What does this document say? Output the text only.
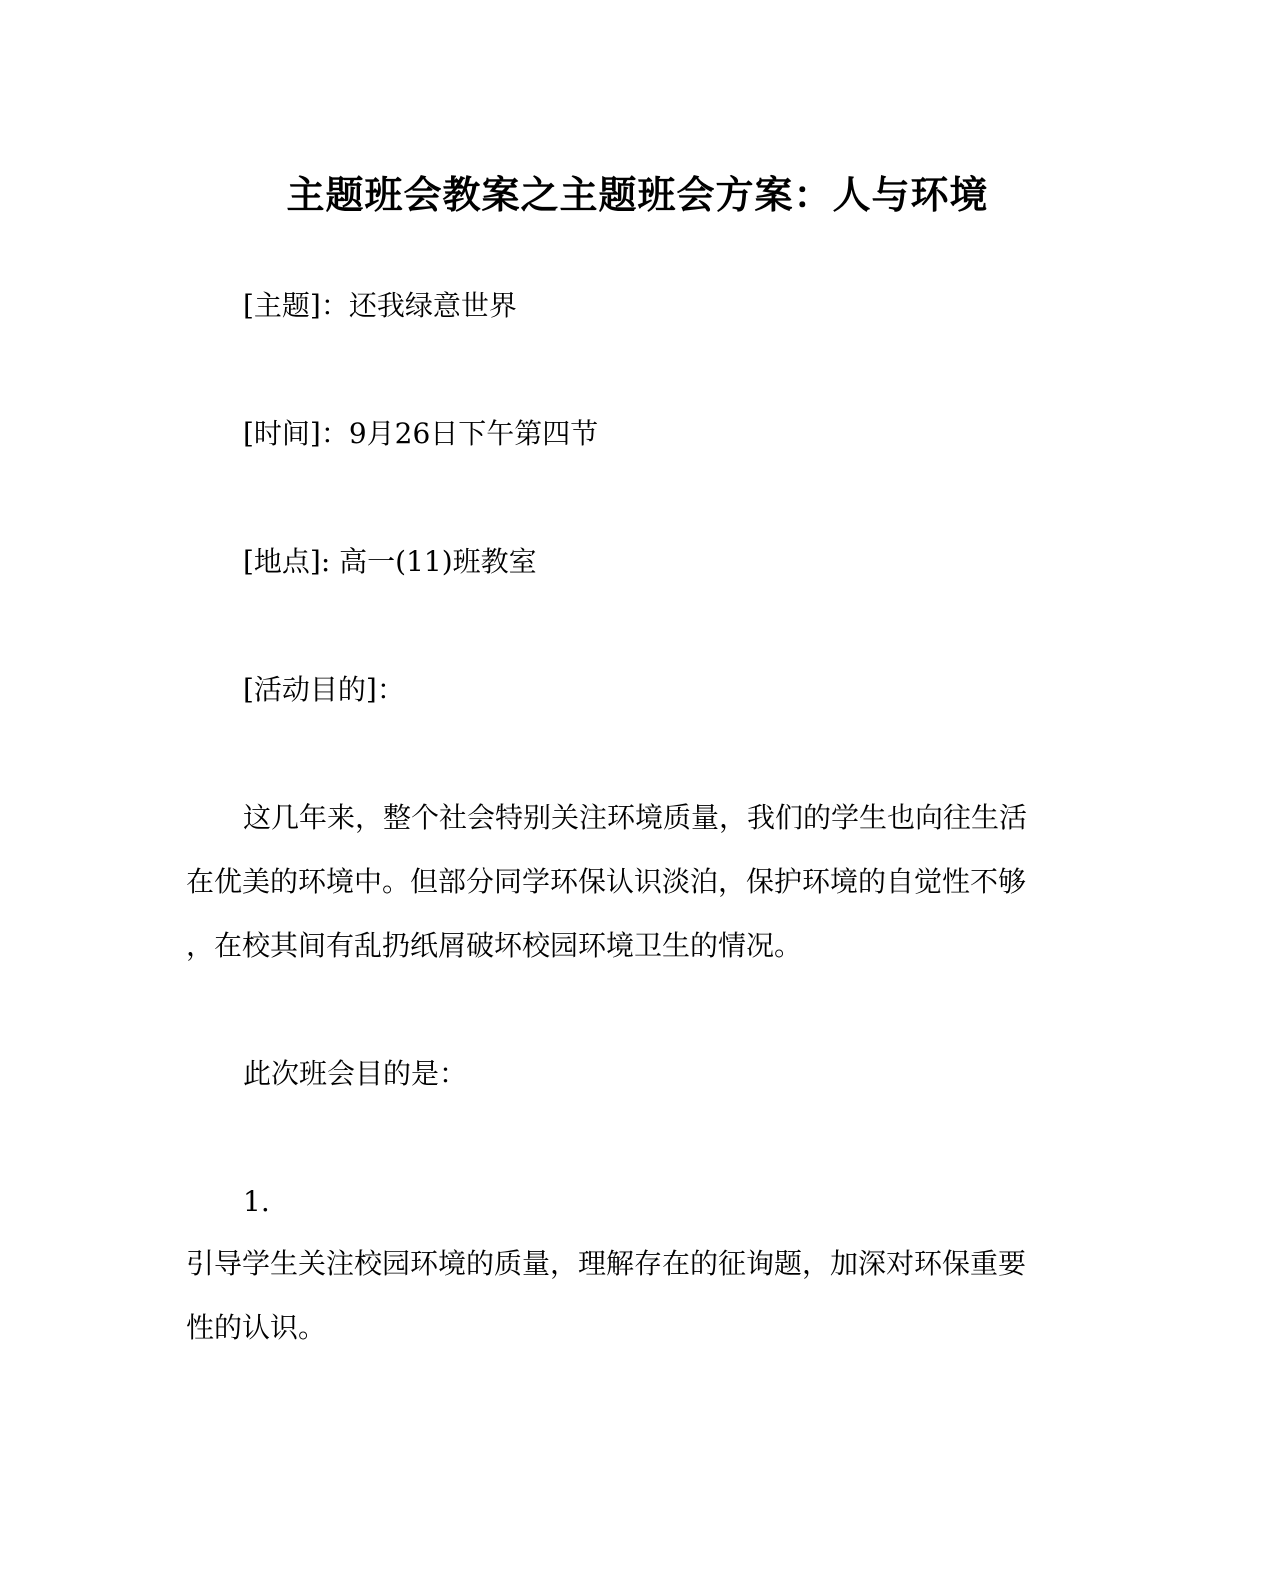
主题班会教案之主题班会方案：人与环境
[主题]：还我绿意世界
[时间]：9月26日下午第四节
[地点]: 高一(11)班教室
[活动目的]：
这几年来，整个社会特别关注环境质量，我们的学生也向往生活
在优美的环境中。但部分同学环保认识淡泊，保护环境的自觉性不够
，在校其间有乱扔纸屑破坏校园环境卫生的情况。
此次班会目的是：
1.
引导学生关注校园环境的质量，理解存在的征询题，加深对环保重要
性的认识。
